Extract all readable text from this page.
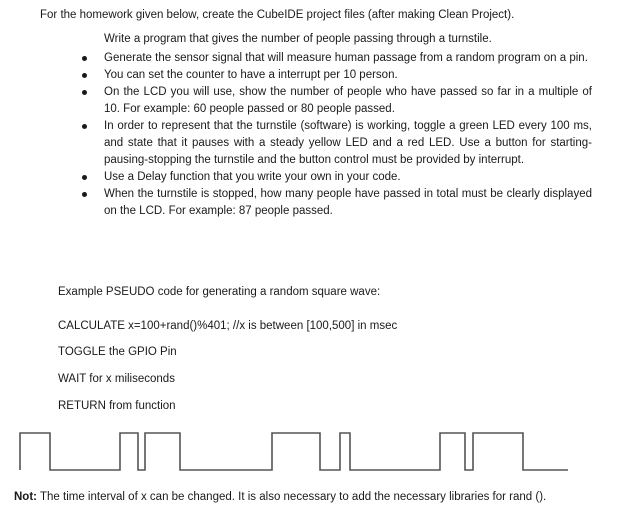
For the homework given below, create the CubeIDE project files (after making Clean Project).

Write a program that gives the number of people passing through a turnstile.

Generate the sensor signal that will measure human passage from a random program on a pin.
You can set the counter to have a interrupt per 10 person.
On the LCD you will use, show the number of people who have passed so far in a multiple of 10. For example: 60 people passed or 80 people passed.
In order to represent that the turnstile (software) is working, toggle a green LED every 100 ms, and state that it pauses with a steady yellow LED and a red LED. Use a button for starting-pausing-stopping the turnstile and the button control must be provided by interrupt.
Use a Delay function that you write your own in your code.
When the turnstile is stopped, how many people have passed in total must be clearly displayed on the LCD. For example: 87 people passed.

Example PSEUDO code for generating a random square wave:

CALCULATE x=100+rand()%401; //x is between [100,500] in msec

TOGGLE the GPIO Pin

WAIT for x miliseconds

RETURN from function

Not: The time interval of x can be changed. It is also necessary to add the necessary libraries for rand ().
